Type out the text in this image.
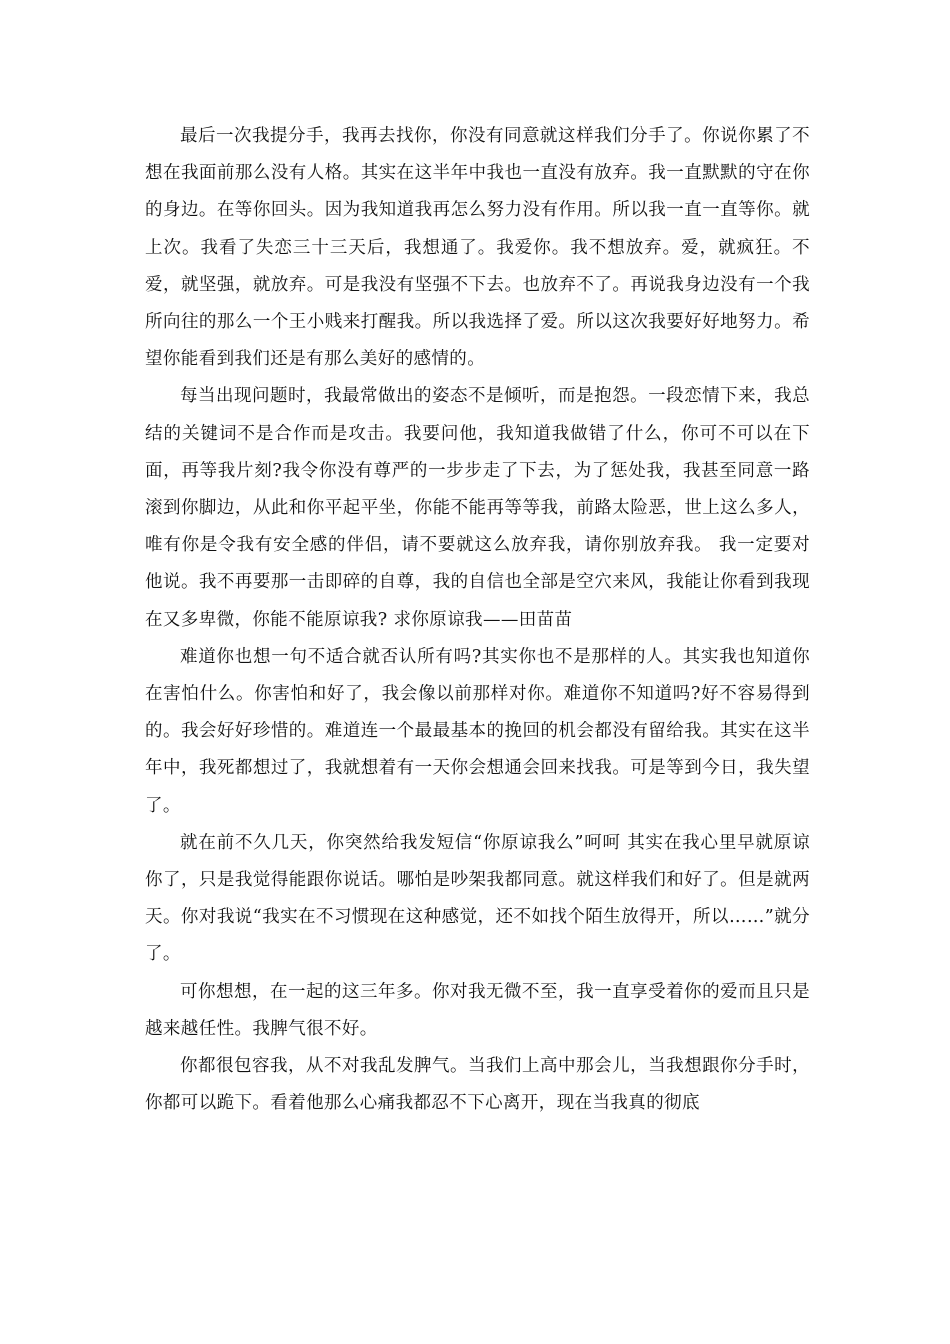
最后一次我提分手，我再去找你，你没有同意就这样我们分手了。你说你累了不想在我面前那么没有人格。其实在这半年中我也一直没有放弃。我一直默默的守在你的身边。在等你回头。因为我知道我再怎么努力没有作用。所以我一直一直等你。就上次。我看了失恋三十三天后，我想通了。我爱你。我不想放弃。爱，就疯狂。不爱，就坚强，就放弃。可是我没有坚强不下去。也放弃不了。再说我身边没有一个我所向往的那么一个王小贱来打醒我。所以我选择了爱。所以这次我要好好地努力。希望你能看到我们还是有那么美好的感情的。

每当出现问题时，我最常做出的姿态不是倾听，而是抱怨。一段恋情下来，我总结的关键词不是合作而是攻击。我要问他，我知道我做错了什么，你可不可以在下面，再等我片刻?我令你没有尊严的一步步走了下去，为了惩处我，我甚至同意一路滚到你脚边，从此和你平起平坐，你能不能再等等我，前路太险恶，世上这么多人，唯有你是令我有安全感的伴侣，请不要就这么放弃我，请你别放弃我。 我一定要对他说。我不再要那一击即碎的自尊，我的自信也全部是空穴来风，我能让你看到我现在又多卑微，你能不能原谅我? 求你原谅我——田苗苗

难道你也想一句不适合就否认所有吗?其实你也不是那样的人。其实我也知道你在害怕什么。你害怕和好了，我会像以前那样对你。难道你不知道吗?好不容易得到的。我会好好珍惜的。难道连一个最最基本的挽回的机会都没有留给我。其实在这半年中，我死都想过了，我就想着有一天你会想通会回来找我。可是等到今日，我失望了。

就在前不久几天，你突然给我发短信“你原谅我么”呵呵 其实在我心里早就原谅你了，只是我觉得能跟你说话。哪怕是吵架我都同意。就这样我们和好了。但是就两天。你对我说“我实在不习惯现在这种感觉，还不如找个陌生放得开，所以……”就分了。

可你想想，在一起的这三年多。你对我无微不至，我一直享受着你的爱而且只是越来越任性。我脾气很不好。

你都很包容我，从不对我乱发脾气。当我们上高中那会儿，当我想跟你分手时，你都可以跪下。看着他那么心痛我都忍不下心离开，现在当我真的彻底
